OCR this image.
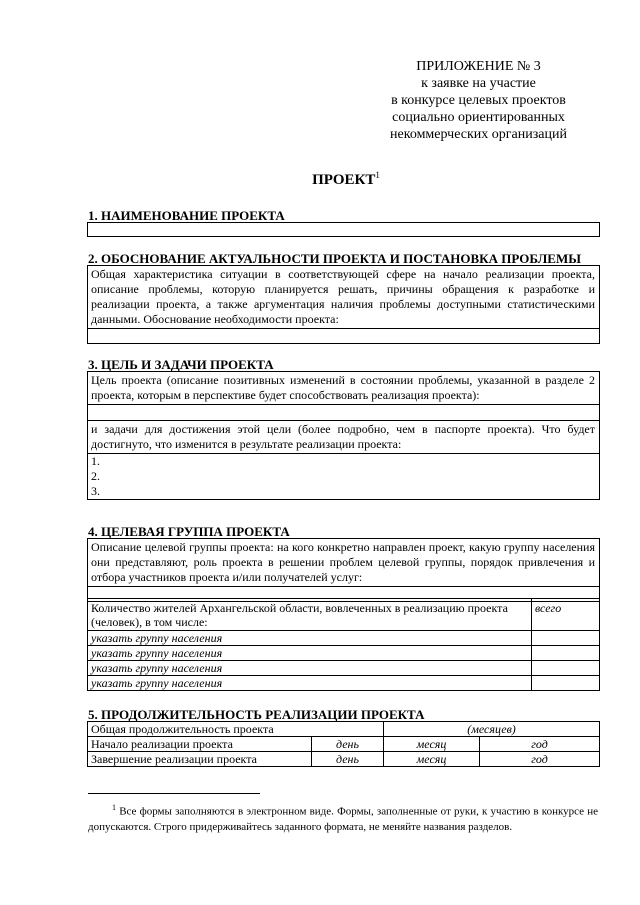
ПРИЛОЖЕНИЕ № 3
к заявке на участие
в конкурсе целевых проектов
социально ориентированных
некоммерческих организаций
ПРОЕКТ$^1$
1. НАИМЕНОВАНИЕ ПРОЕКТА
2. ОБОСНОВАНИЕ АКТУАЛЬНОСТИ ПРОЕКТА И ПОСТАНОВКА ПРОБЛЕМЫ
Общая характеристика ситуации в соответствующей сфере на начало реализации проекта, описание проблемы, которую планируется решать, причины обращения к разработке и реализации проекта, а также аргументация наличия проблемы доступными статистическими данными. Обоснование необходимости проекта:
3. ЦЕЛЬ И ЗАДАЧИ ПРОЕКТА
Цель проекта (описание позитивных изменений в состоянии проблемы, указанной в разделе 2 проекта, которым в перспективе будет способствовать реализация проекта):
и задачи для достижения этой цели (более подробно, чем в паспорте проекта). Что будет достигнуто, что изменится в результате реализации проекта:
1.
2.
3.
4. ЦЕЛЕВАЯ ГРУППА ПРОЕКТА
Описание целевой группы проекта: на кого конкретно направлен проект, какую группу населения они представляют, роль проекта в решении проблем целевой группы, порядок привлечения и отбора участников проекта и/или получателей услуг:
Количество жителей Архангельской области, вовлеченных в реализацию проекта (человек), в том числе:	всего
указать группу населения	
указать группу населения	
указать группу населения	
указать группу населения	
5. ПРОДОЛЖИТЕЛЬНОСТЬ РЕАЛИЗАЦИИ ПРОЕКТА
Общая продолжительность проекта		(месяцев)	
Начало реализации проекта	день	месяц	год
Завершение реализации проекта	день	месяц	год
$^1$ Все формы заполняются в электронном виде. Формы, заполненные от руки, к участию в конкурсе не допускаются. Строго придерживайтесь заданного формата, не меняйте названия разделов.
